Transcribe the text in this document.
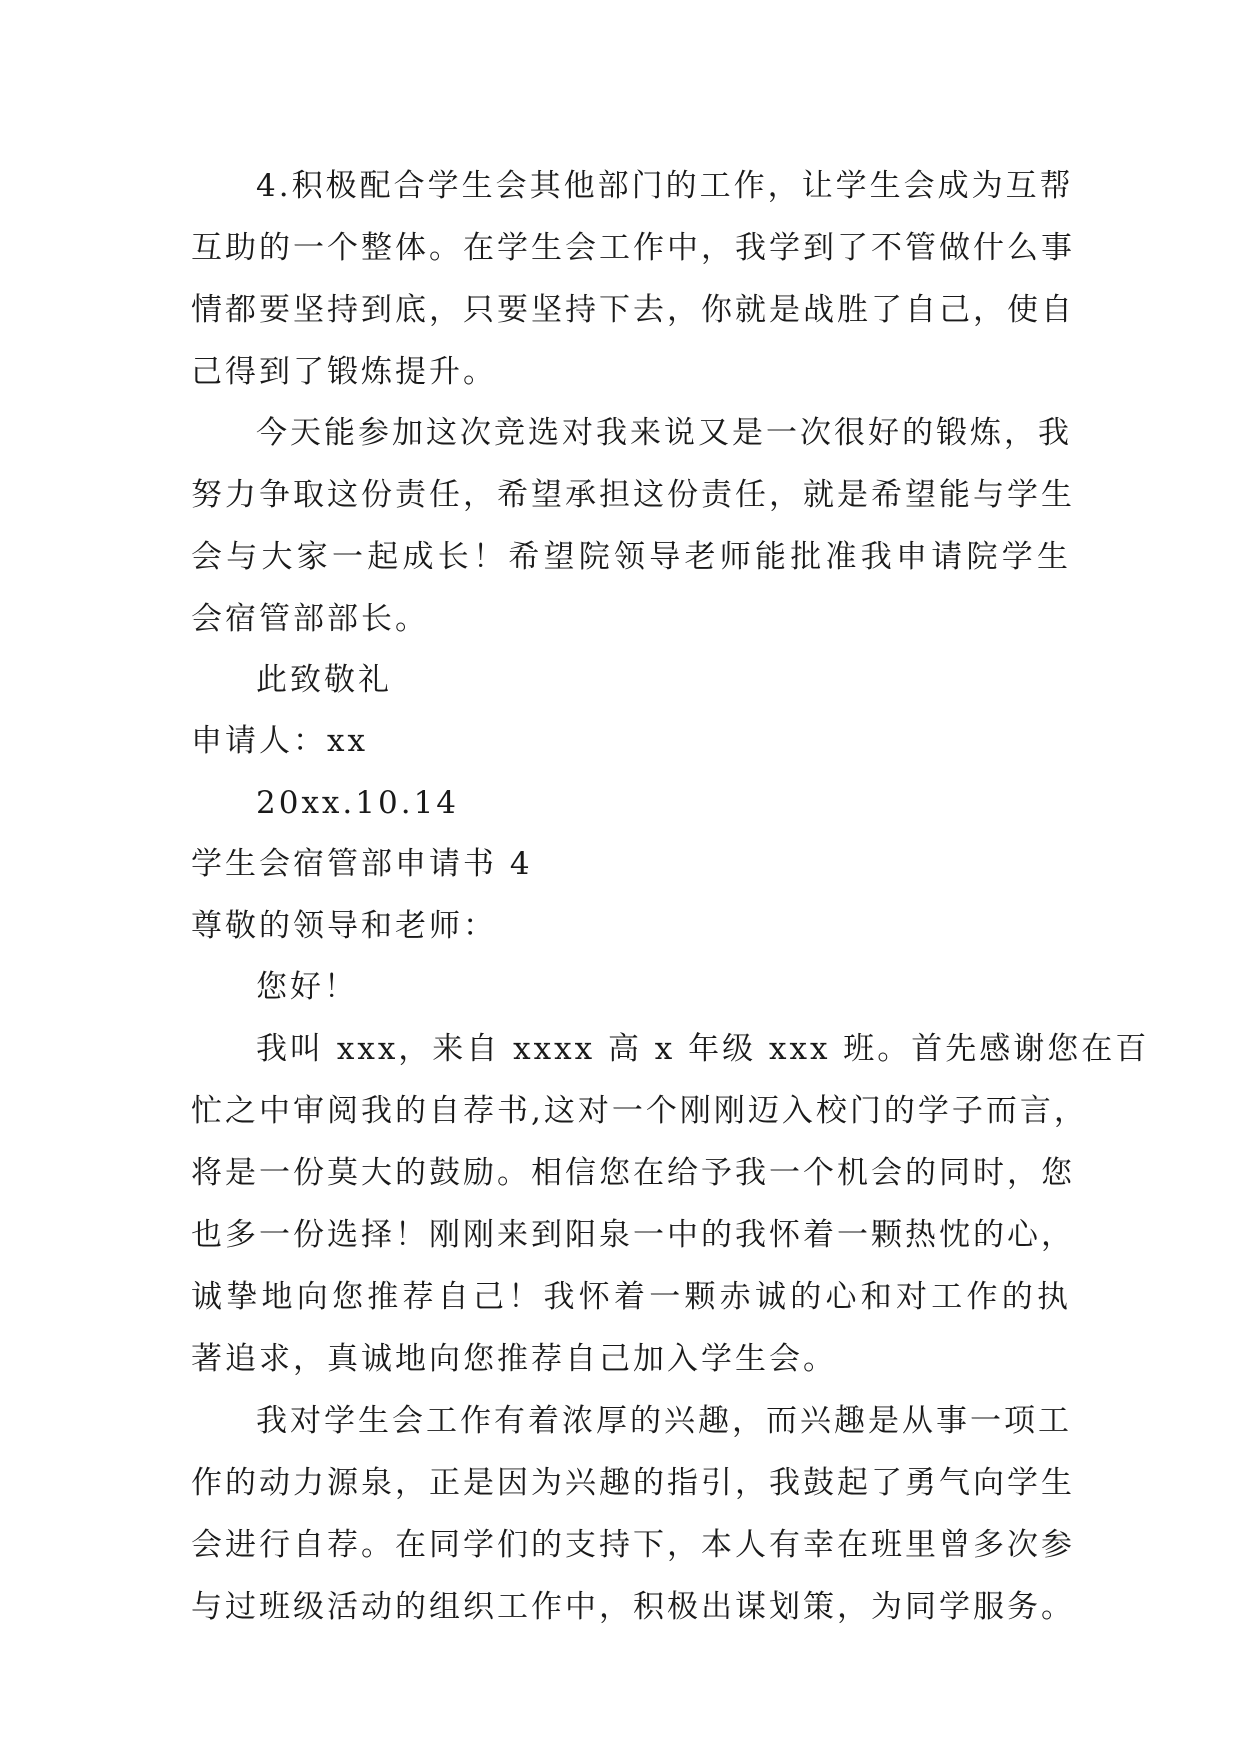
4.积极配合学生会其他部门的工作，让学生会成为互帮
互助的一个整体。在学生会工作中，我学到了不管做什么事
情都要坚持到底，只要坚持下去，你就是战胜了自己，使自
己得到了锻炼提升。
今天能参加这次竞选对我来说又是一次很好的锻炼，我
努力争取这份责任，希望承担这份责任，就是希望能与学生
会与大家一起成长！希望院领导老师能批准我申请院学生
会宿管部部长。
此致敬礼
申请人：xx
20xx.10.14
学生会宿管部申请书 4
尊敬的领导和老师：
您好！
我叫 xxx，来自 xxxx 高 x 年级 xxx 班。首先感谢您在百
忙之中审阅我的自荐书,这对一个刚刚迈入校门的学子而言，
将是一份莫大的鼓励。相信您在给予我一个机会的同时，您
也多一份选择！刚刚来到阳泉一中的我怀着一颗热忱的心，
诚挚地向您推荐自己！我怀着一颗赤诚的心和对工作的执
著追求，真诚地向您推荐自己加入学生会。
我对学生会工作有着浓厚的兴趣，而兴趣是从事一项工
作的动力源泉，正是因为兴趣的指引，我鼓起了勇气向学生
会进行自荐。在同学们的支持下，本人有幸在班里曾多次参
与过班级活动的组织工作中，积极出谋划策，为同学服务。
